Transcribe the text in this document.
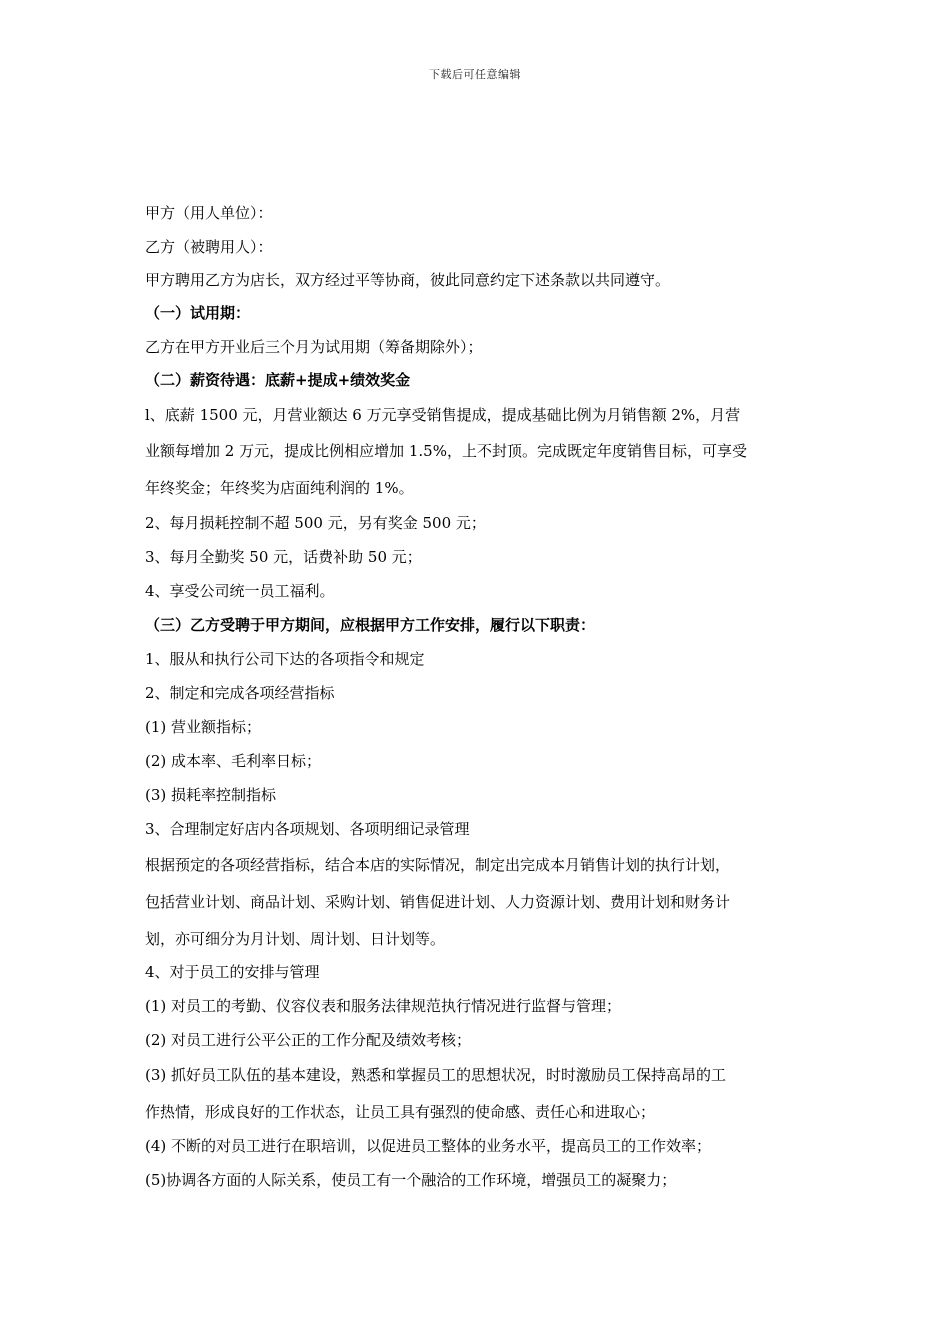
下载后可任意编辑
甲方（用人单位）：
乙方（被聘用人）：
甲方聘用乙方为店长，双方经过平等协商，彼此同意约定下述条款以共同遵守。
（一）试用期：
乙方在甲方开业后三个月为试用期（筹备期除外）；
（二）薪资待遇：底薪+提成+绩效奖金
l、底薪 1500 元，月营业额达 6 万元享受销售提成，提成基础比例为月销售额 2%，月营
业额每增加 2 万元，提成比例相应增加 1.5%，上不封顶。完成既定年度销售目标，可享受
年终奖金；年终奖为店面纯利润的 1%。
2、每月损耗控制不超 500 元，另有奖金 500 元；
3、每月全勤奖 50 元，话费补助 50 元；
4、享受公司统一员工福利。
（三）乙方受聘于甲方期间，应根据甲方工作安排，履行以下职责：
1、服从和执行公司下达的各项指令和规定
2、制定和完成各项经营指标
(1) 营业额指标；
(2) 成本率、毛利率日标；
(3) 损耗率控制指标
3、合理制定好店内各项规划、各项明细记录管理
根据预定的各项经营指标，结合本店的实际情况，制定出完成本月销售计划的执行计划，
包括营业计划、商品计划、采购计划、销售促进计划、人力资源计划、费用计划和财务计
划，亦可细分为月计划、周计划、日计划等。
4、对于员工的安排与管理
(1) 对员工的考勤、仪容仪表和服务法律规范执行情况进行监督与管理；
(2) 对员工进行公平公正的工作分配及绩效考核；
(3) 抓好员工队伍的基本建设，熟悉和掌握员工的思想状况，时时激励员工保持高昂的工
作热情，形成良好的工作状态，让员工具有强烈的使命感、责任心和进取心；
(4) 不断的对员工进行在职培训，以促进员工整体的业务水平，提高员工的工作效率；
(5)协调各方面的人际关系，使员工有一个融洽的工作环境，增强员工的凝聚力；
